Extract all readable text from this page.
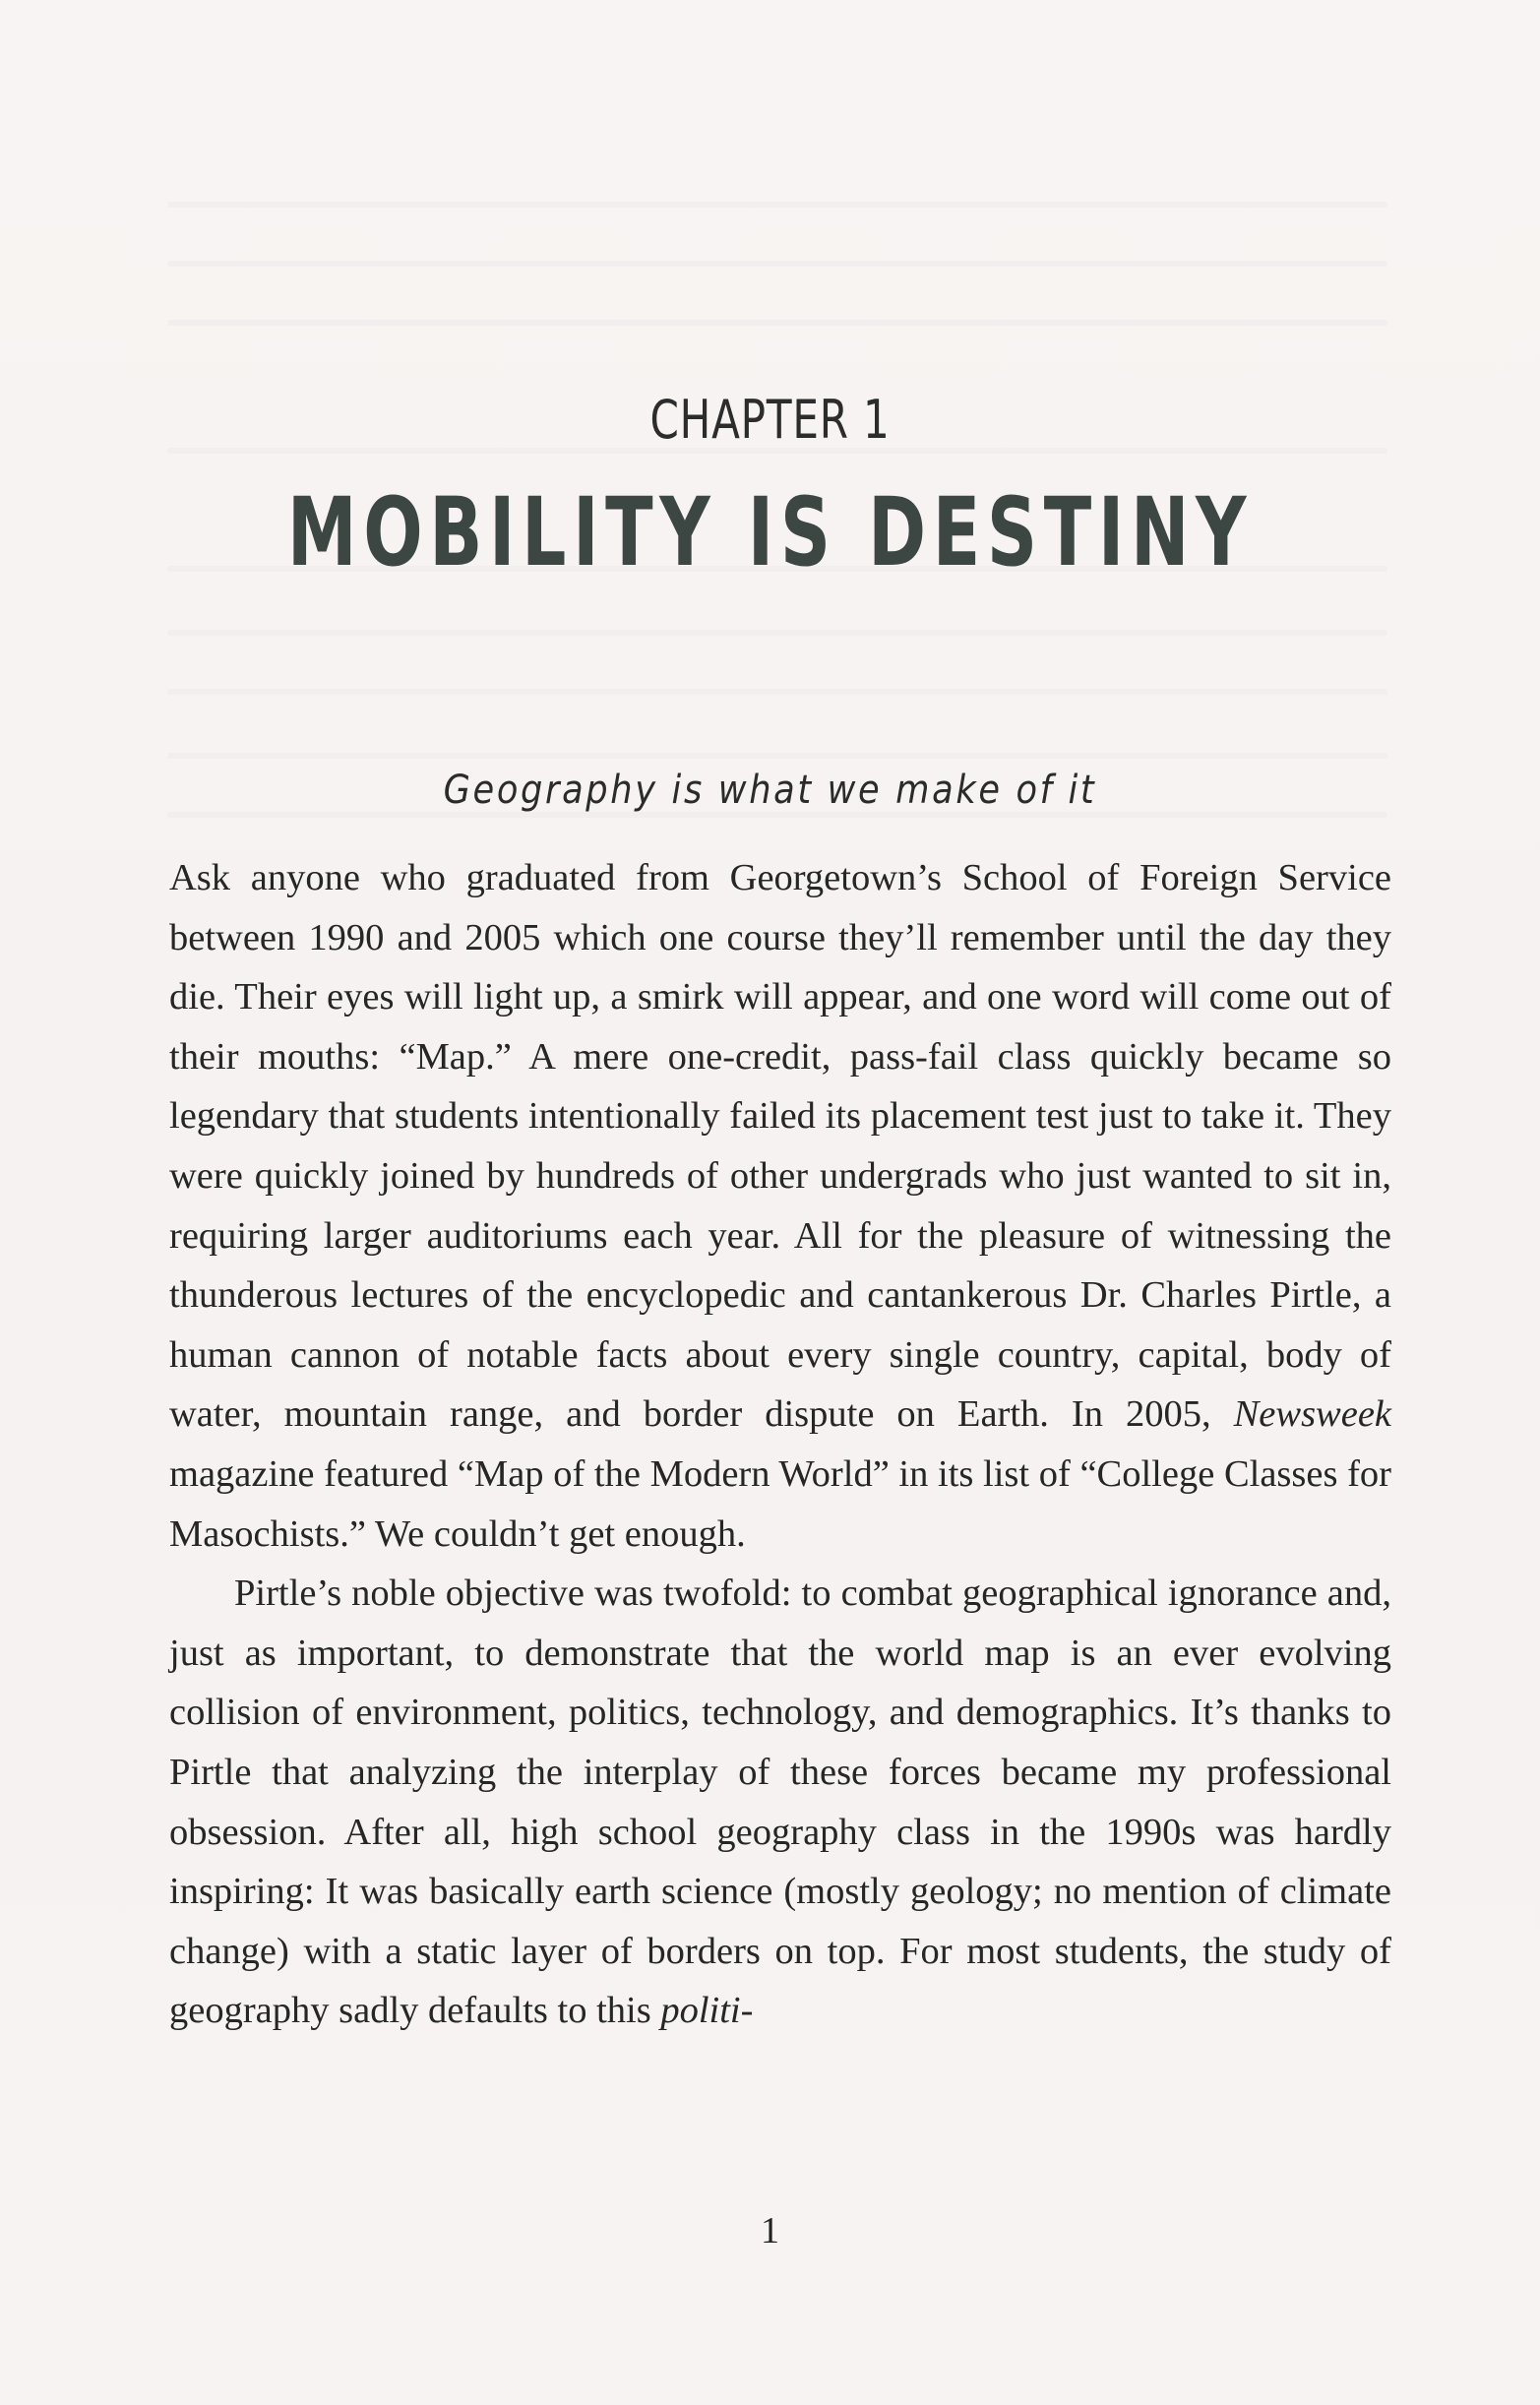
CHAPTER 1
MOBILITY IS DESTINY
Geography is what we make of it

Ask anyone who graduated from Georgetown’s School of Foreign Service between 1990 and 2005 which one course they’ll remember until the day they die. Their eyes will light up, a smirk will appear, and one word will come out of their mouths: “Map.” A mere one-credit, pass-fail class quickly became so legendary that students intentionally failed its placement test just to take it. They were quickly joined by hundreds of other undergrads who just wanted to sit in, requiring larger auditoriums each year. All for the pleasure of witnessing the thunderous lectures of the encyclopedic and cantankerous Dr. Charles Pirtle, a human cannon of notable facts about every single country, capital, body of water, mountain range, and border dispute on Earth. In 2005, Newsweek magazine featured “Map of the Modern World” in its list of “College Classes for Masochists.” We couldn’t get enough.

Pirtle’s noble objective was twofold: to combat geographical ignorance and, just as important, to demonstrate that the world map is an ever evolving collision of environment, politics, technology, and demographics. It’s thanks to Pirtle that analyzing the interplay of these forces became my professional obsession. After all, high school geography class in the 1990s was hardly inspiring: It was basically earth science (mostly geology; no mention of climate change) with a static layer of borders on top. For most students, the study of geography sadly defaults to this politi-

1
